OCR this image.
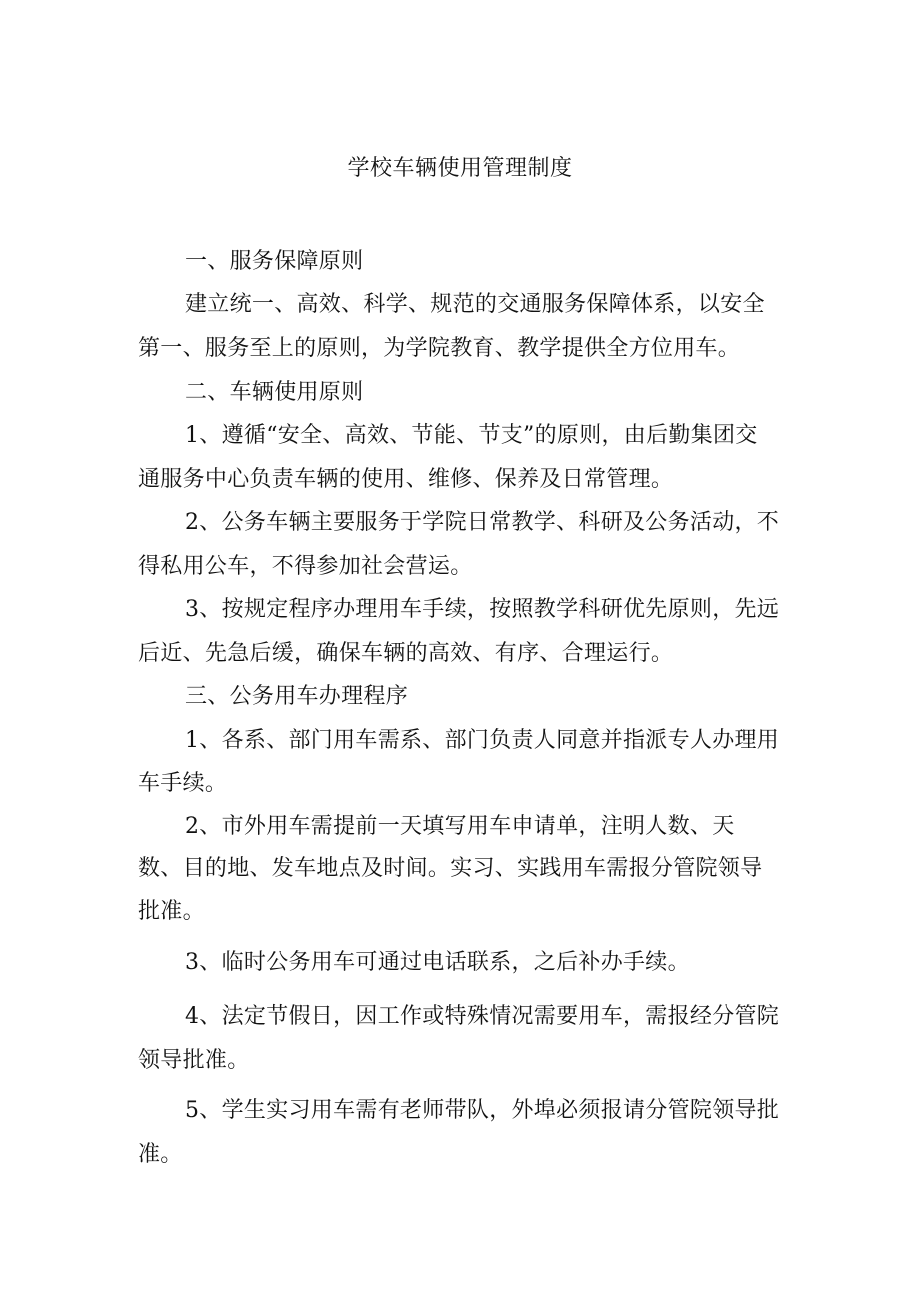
学校车辆使用管理制度
一、服务保障原则
建立统一、高效、科学、规范的交通服务保障体系，以安全
第一、服务至上的原则，为学院教育、教学提供全方位用车。
二、车辆使用原则
1、遵循“安全、高效、节能、节支”的原则，由后勤集团交
通服务中心负责车辆的使用、维修、保养及日常管理。
2、公务车辆主要服务于学院日常教学、科研及公务活动，不
得私用公车，不得参加社会营运。
3、按规定程序办理用车手续，按照教学科研优先原则，先远
后近、先急后缓，确保车辆的高效、有序、合理运行。
三、公务用车办理程序
1、各系、部门用车需系、部门负责人同意并指派专人办理用
车手续。
2、市外用车需提前一天填写用车申请单，注明人数、天
数、目的地、发车地点及时间。实习、实践用车需报分管院领导
批准。
3、临时公务用车可通过电话联系，之后补办手续。
4、法定节假日，因工作或特殊情况需要用车，需报经分管院
领导批准。
5、学生实习用车需有老师带队，外埠必须报请分管院领导批
准。
